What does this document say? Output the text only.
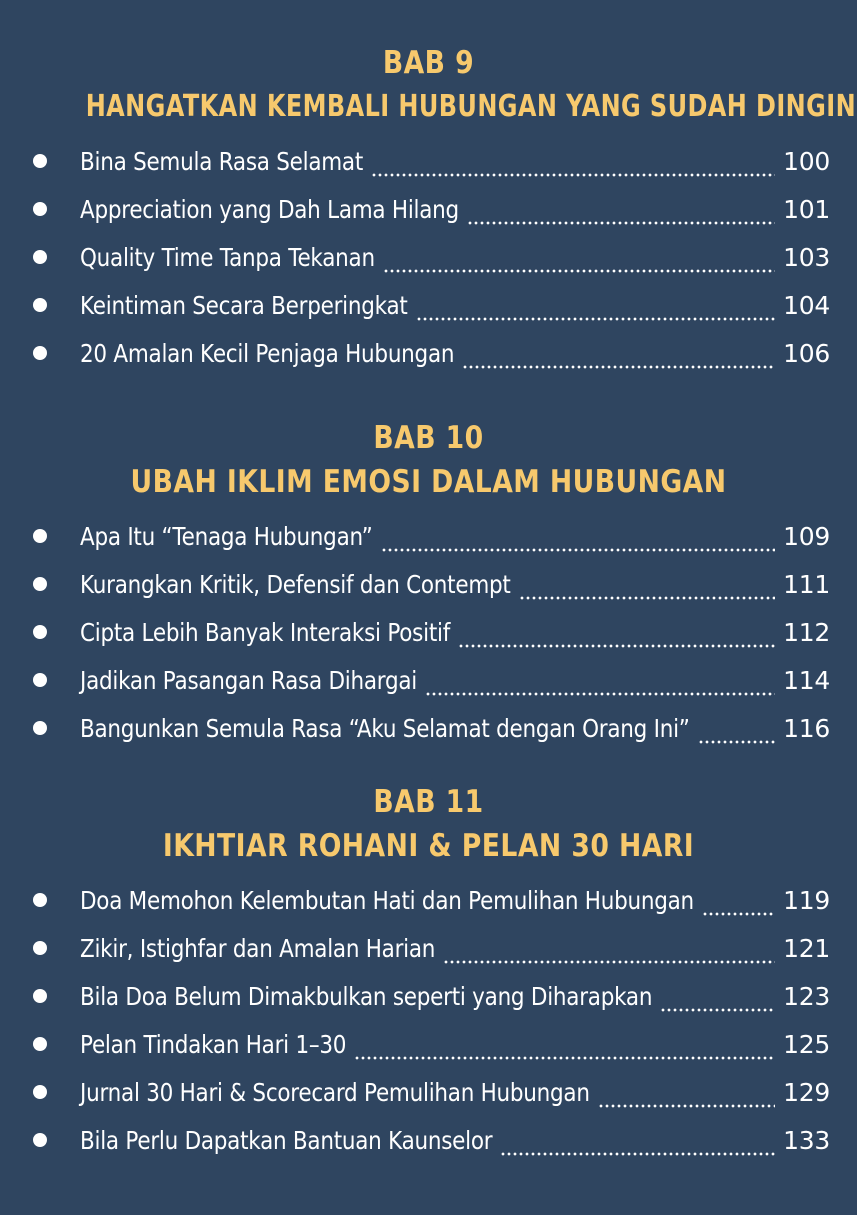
BAB 9
HANGATKAN KEMBALI HUBUNGAN YANG SUDAH DINGIN
Bina Semula Rasa Selamat	100
Appreciation yang Dah Lama Hilang	101
Quality Time Tanpa Tekanan	103
Keintiman Secara Berperingkat	104
20 Amalan Kecil Penjaga Hubungan	106
BAB 10
UBAH IKLIM EMOSI DALAM HUBUNGAN
Apa Itu “Tenaga Hubungan”	109
Kurangkan Kritik, Defensif dan Contempt	111
Cipta Lebih Banyak Interaksi Positif	112
Jadikan Pasangan Rasa Dihargai	114
Bangunkan Semula Rasa “Aku Selamat dengan Orang Ini”	116
BAB 11
IKHTIAR ROHANI & PELAN 30 HARI
Doa Memohon Kelembutan Hati dan Pemulihan Hubungan	119
Zikir, Istighfar dan Amalan Harian	121
Bila Doa Belum Dimakbulkan seperti yang Diharapkan	123
Pelan Tindakan Hari 1–30	125
Jurnal 30 Hari & Scorecard Pemulihan Hubungan	129
Bila Perlu Dapatkan Bantuan Kaunselor	133
